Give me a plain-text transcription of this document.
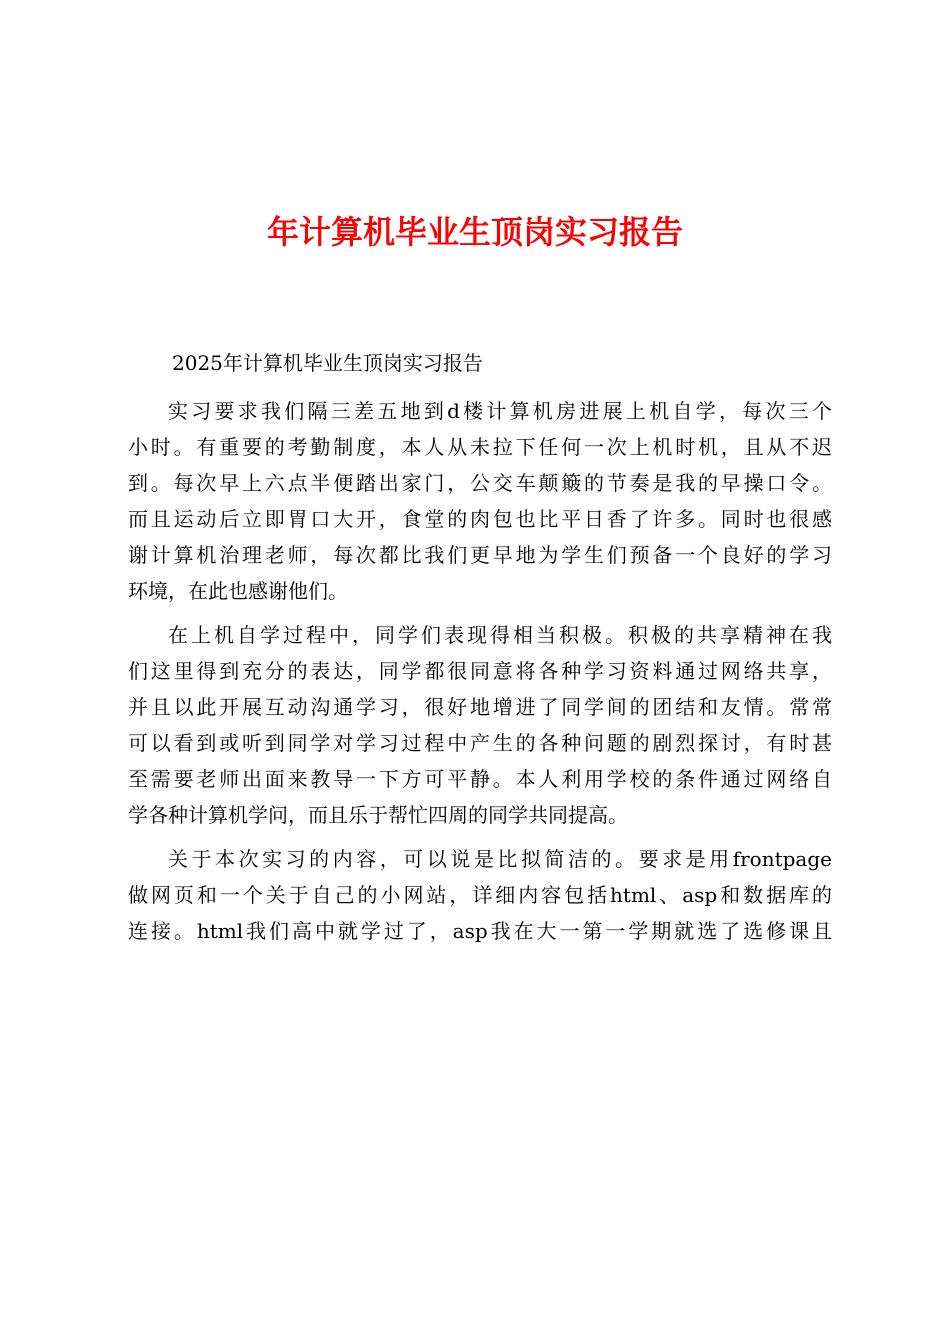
年计算机毕业生顶岗实习报告
2025年计算机毕业生顶岗实习报告
实习要求我们隔三差五地到d楼计算机房进展上机自学，每次三个
小时。有重要的考勤制度，本人从未拉下任何一次上机时机，且从不迟
到。每次早上六点半便踏出家门，公交车颠簸的节奏是我的早操口令。
而且运动后立即胃口大开，食堂的肉包也比平日香了许多。同时也很感
谢计算机治理老师，每次都比我们更早地为学生们预备一个良好的学习
环境，在此也感谢他们。
在上机自学过程中，同学们表现得相当积极。积极的共享精神在我
们这里得到充分的表达，同学都很同意将各种学习资料通过网络共享，
并且以此开展互动沟通学习，很好地增进了同学间的团结和友情。常常
可以看到或听到同学对学习过程中产生的各种问题的剧烈探讨，有时甚
至需要老师出面来教导一下方可平静。本人利用学校的条件通过网络自
学各种计算机学问，而且乐于帮忙四周的同学共同提高。
关于本次实习的内容，可以说是比拟简洁的。要求是用frontpage
做网页和一个关于自己的小网站，详细内容包括html、asp和数据库的
连接。html我们高中就学过了，asp我在大一第一学期就选了选修课且
